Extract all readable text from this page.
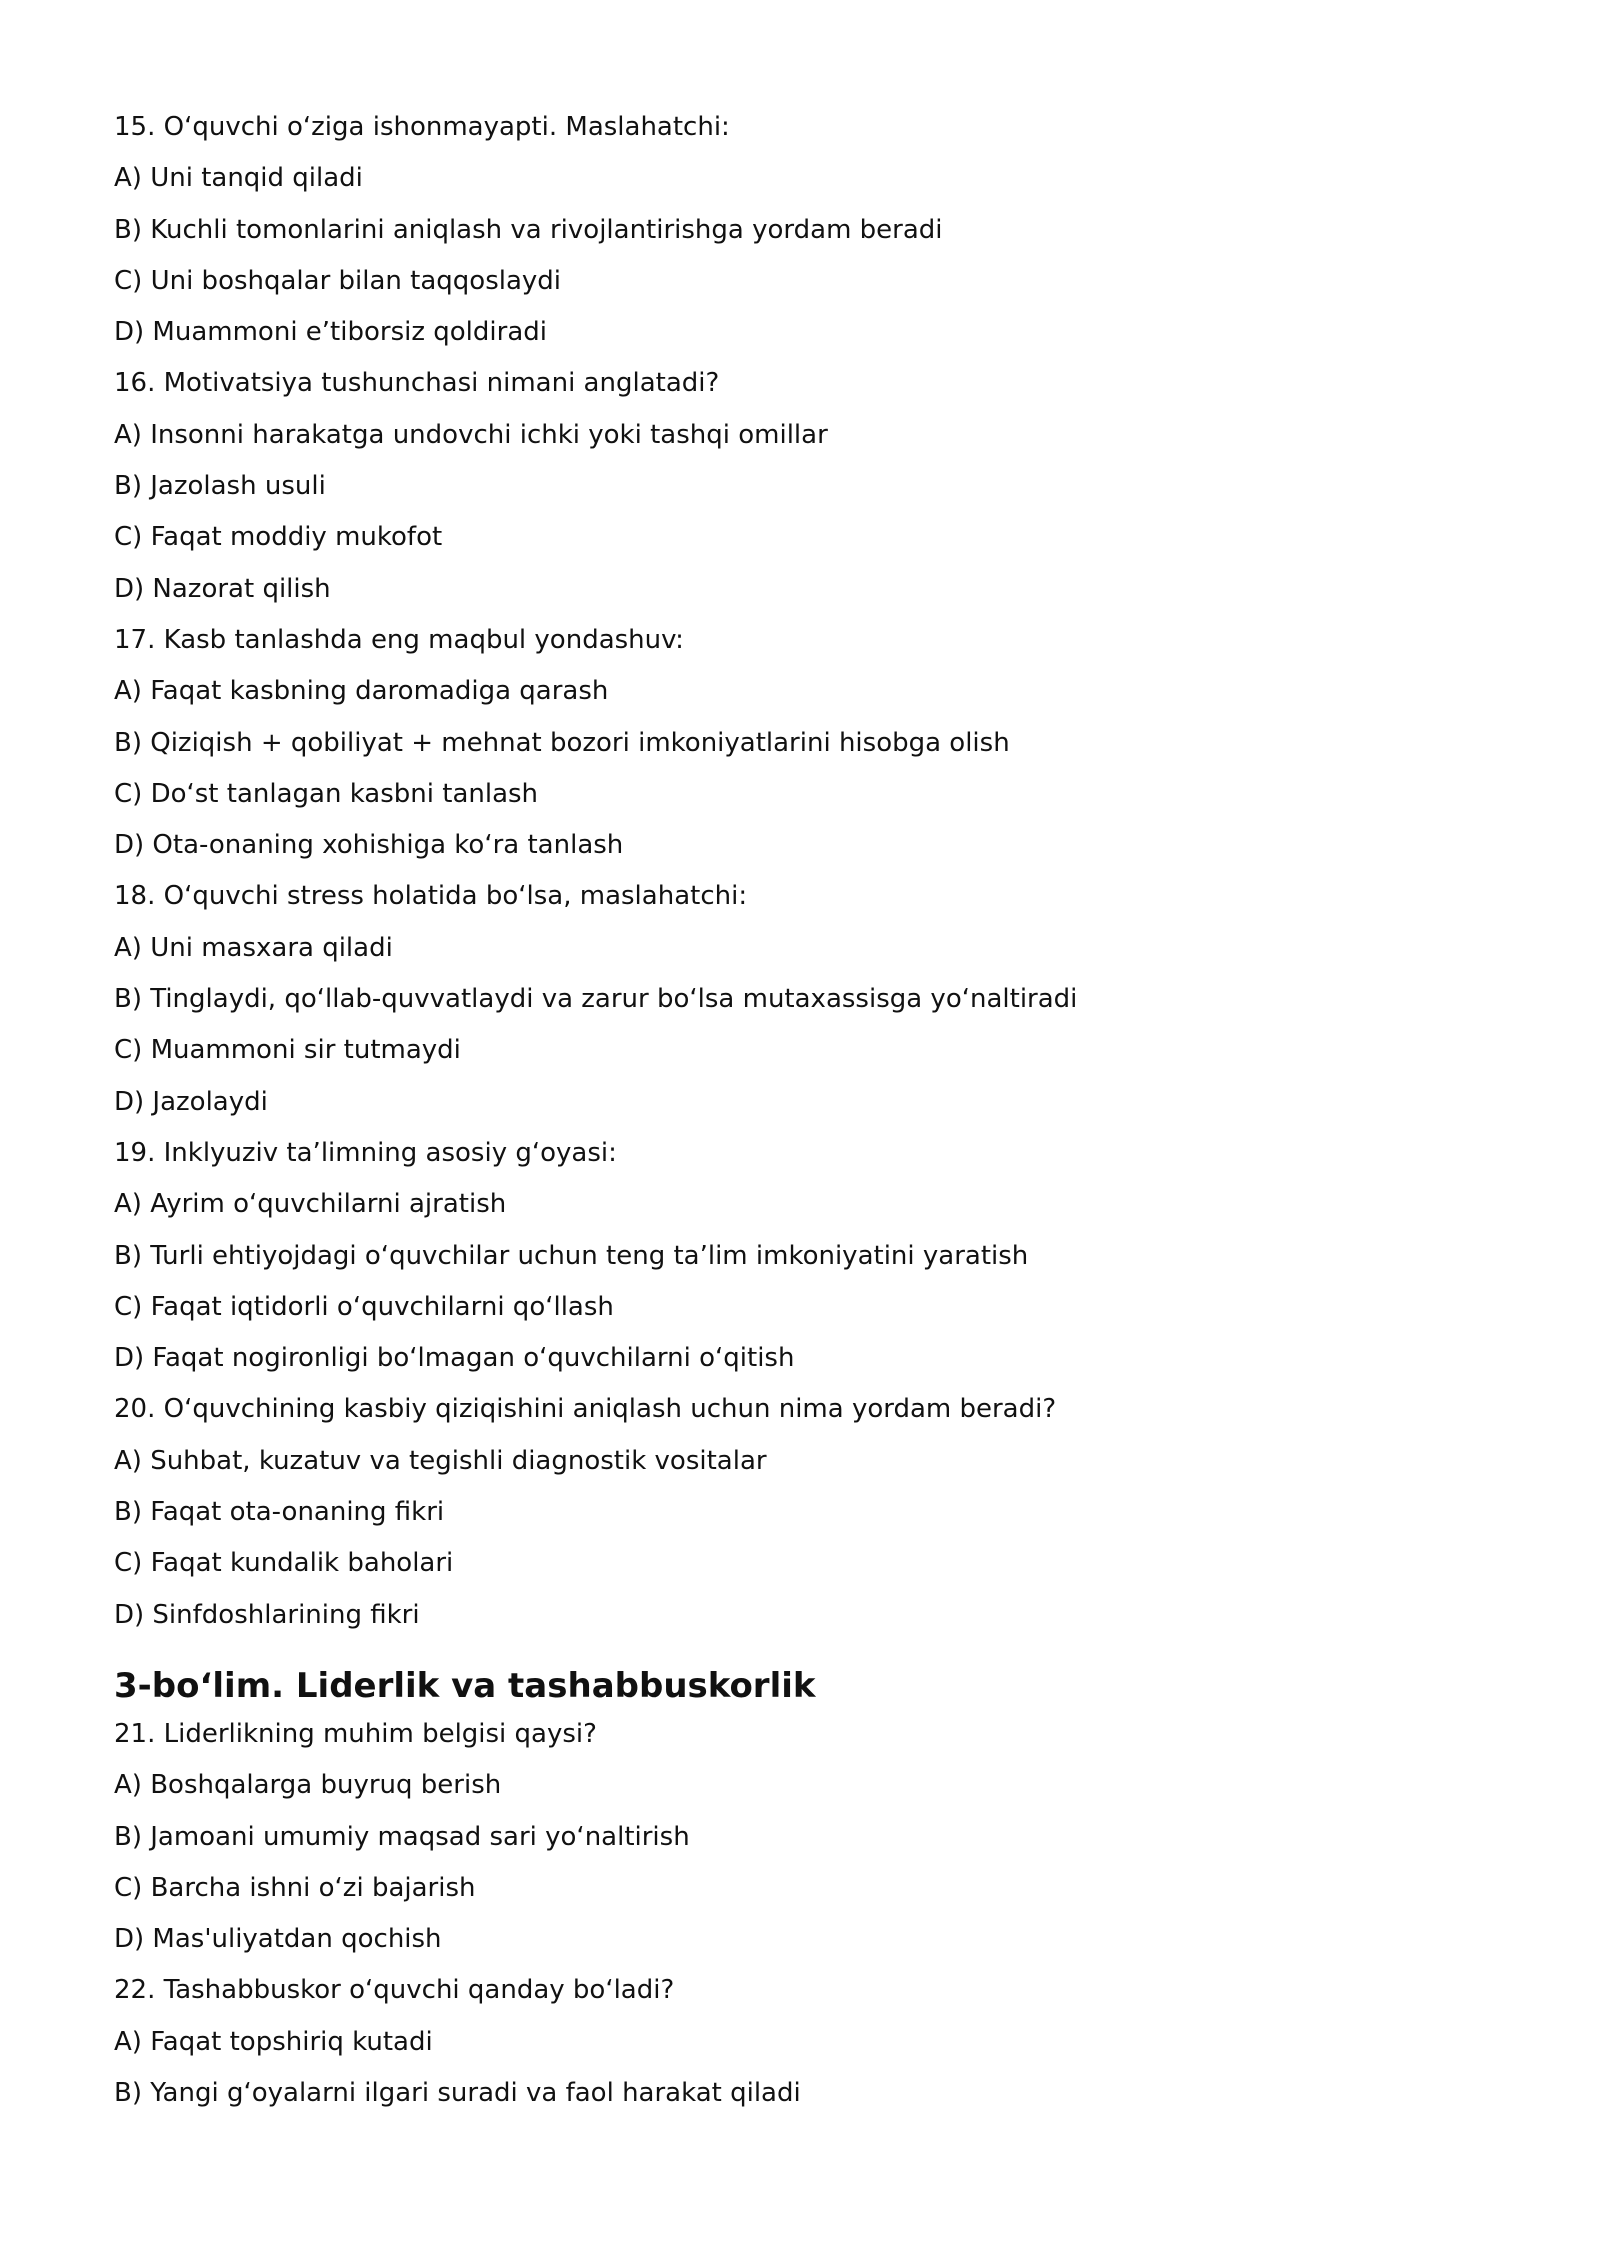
15. O‘quvchi o‘ziga ishonmayapti. Maslahatchi:
A) Uni tanqid qiladi
B) Kuchli tomonlarini aniqlash va rivojlantirishga yordam beradi
C) Uni boshqalar bilan taqqoslaydi
D) Muammoni e’tiborsiz qoldiradi
16. Motivatsiya tushunchasi nimani anglatadi?
A) Insonni harakatga undovchi ichki yoki tashqi omillar
B) Jazolash usuli
C) Faqat moddiy mukofot
D) Nazorat qilish
17. Kasb tanlashda eng maqbul yondashuv:
A) Faqat kasbning daromadiga qarash
B) Qiziqish + qobiliyat + mehnat bozori imkoniyatlarini hisobga olish
C) Do‘st tanlagan kasbni tanlash
D) Ota-onaning xohishiga ko‘ra tanlash
18. O‘quvchi stress holatida bo‘lsa, maslahatchi:
A) Uni masxara qiladi
B) Tinglaydi, qo‘llab-quvvatlaydi va zarur bo‘lsa mutaxassisga yo‘naltiradi
C) Muammoni sir tutmaydi
D) Jazolaydi
19. Inklyuziv ta’limning asosiy g‘oyasi:
A) Ayrim o‘quvchilarni ajratish
B) Turli ehtiyojdagi o‘quvchilar uchun teng ta’lim imkoniyatini yaratish
C) Faqat iqtidorli o‘quvchilarni qo‘llash
D) Faqat nogironligi bo‘lmagan o‘quvchilarni o‘qitish
20. O‘quvchining kasbiy qiziqishini aniqlash uchun nima yordam beradi?
A) Suhbat, kuzatuv va tegishli diagnostik vositalar
B) Faqat ota-onaning fikri
C) Faqat kundalik baholari
D) Sinfdoshlarining fikri
3-bo‘lim. Liderlik va tashabbuskorlik
21. Liderlikning muhim belgisi qaysi?
A) Boshqalarga buyruq berish
B) Jamoani umumiy maqsad sari yo‘naltirish
C) Barcha ishni o‘zi bajarish
D) Mas'uliyatdan qochish
22. Tashabbuskor o‘quvchi qanday bo‘ladi?
A) Faqat topshiriq kutadi
B) Yangi g‘oyalarni ilgari suradi va faol harakat qiladi
